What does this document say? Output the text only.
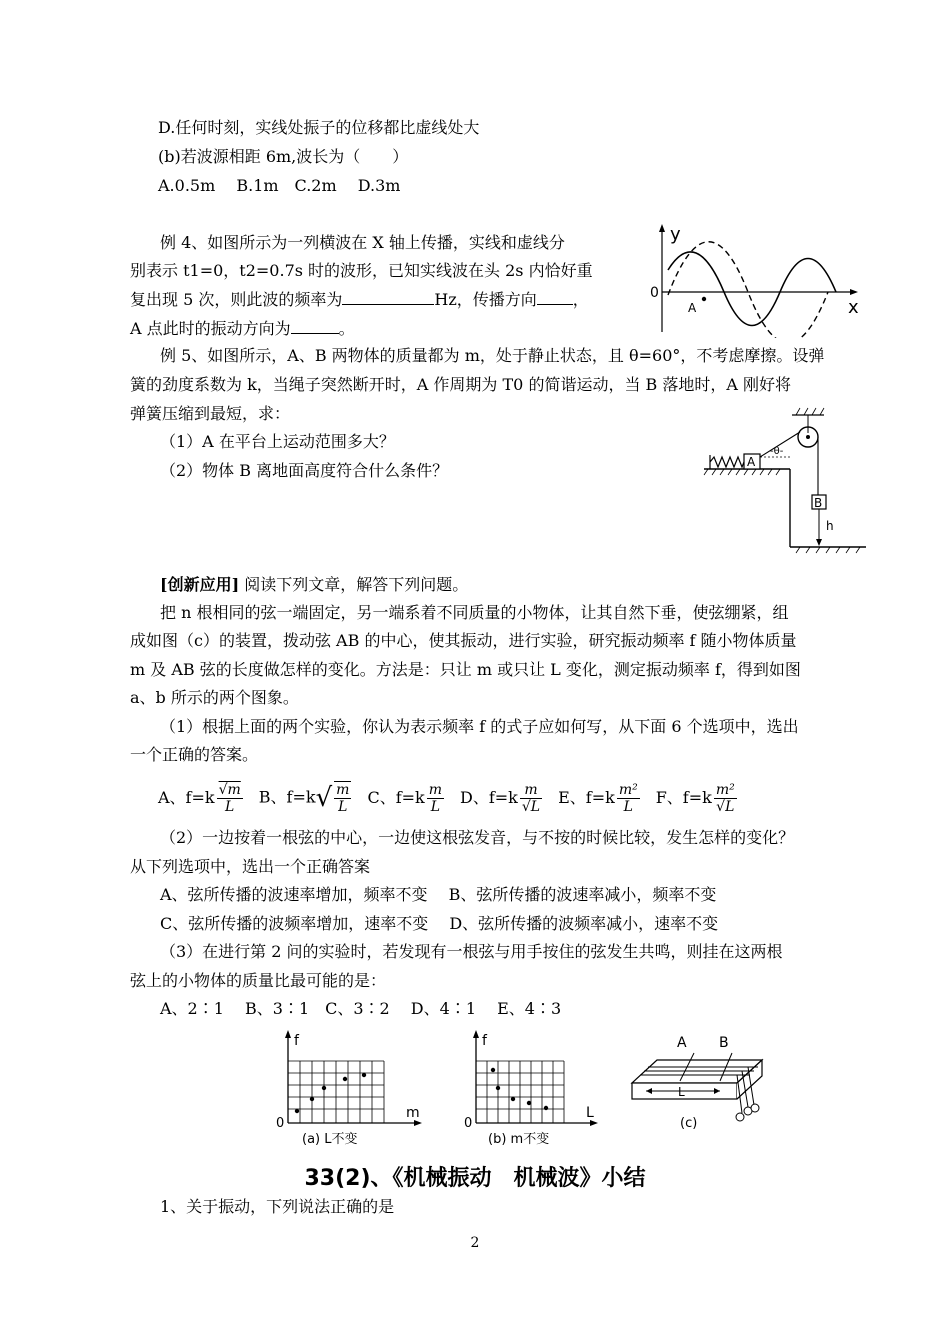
D.任何时刻，实线处振子的位移都比虚线处大
(b)若波源相距 6m,波长为（　　）
A.0.5m　 B.1m　C.2m　 D.3m
例 4、如图所示为一列横波在 X 轴上传播，实线和虚线分
别表示 t1=0，t2=0.7s 时的波形，已知实线波在头 2s 内恰好重
复出现 5 次，则此波的频率为	Hz，传播方向 ，
A 点此时的振动方向为	。
y
x
0
A
例 5、如图所示，A、B 两物体的质量都为 m，处于静止状态，且 θ=60°，不考虑摩擦。设弹
簧的劲度系数为 k，当绳子突然断开时，A 作周期为 T0 的简谐运动，当 B 落地时，A 刚好将
弹簧压缩到最短，求：
（1）A 在平台上运动范围多大？
（2）物体 B 离地面高度符合什么条件？	A
-θ-
B
h
[创新应用] 阅读下列文章，解答下列问题。
把 n 根相同的弦一端固定，另一端系着不同质量的小物体，让其自然下垂，使弦绷紧，组
成如图（c）的装置，拨动弦 AB 的中心，使其振动，进行实验，研究振动频率 f 随小物体质量
m 及 AB 弦的长度做怎样的变化。方法是：只让 m 或只让 L 变化，测定振动频率 f，得到如图
a、b 所示的两个图象。
（1）根据上面的两个实验，你认为表示频率 f 的式子应如何写，从下面 6 个选项中，选出
一个正确的答案。
A、$f=k \frac{√m}{L}$ B、$f=k√ \frac{m}{L}$ C、$f=k \frac{m}{L}$ D、$f=k \frac{m}{√L}$ E、$f=k \frac{\text{m²}}{L}$ F、$f=k \frac{\text{m²}}{√L}$
（2）一边按着一根弦的中心，一边使这根弦发音，与不按的时候比较，发生怎样的变化？
从下列选项中，选出一个正确答案
A、弦所传播的波速率增加，频率不变　 B、弦所传播的波速率减小，频率不变
C、弦所传播的波频率增加，速率不变　 D、弦所传播的波频率减小，速率不变
（3）在进行第 2 问的实验时，若发现有一根弦与用手按住的弦发生共鸣，则挂在这两根
弦上的小物体的质量比最可能的是：
A、2∶1　 B、3∶1　C、3∶2　 D、4∶1　 E、4∶3
f
m
0
(a) L不变
f
L
0
(b) m不变
A B
L
(c)
33(2)、《机械振动　机械波》小结
1、关于振动，下列说法正确的是
2
